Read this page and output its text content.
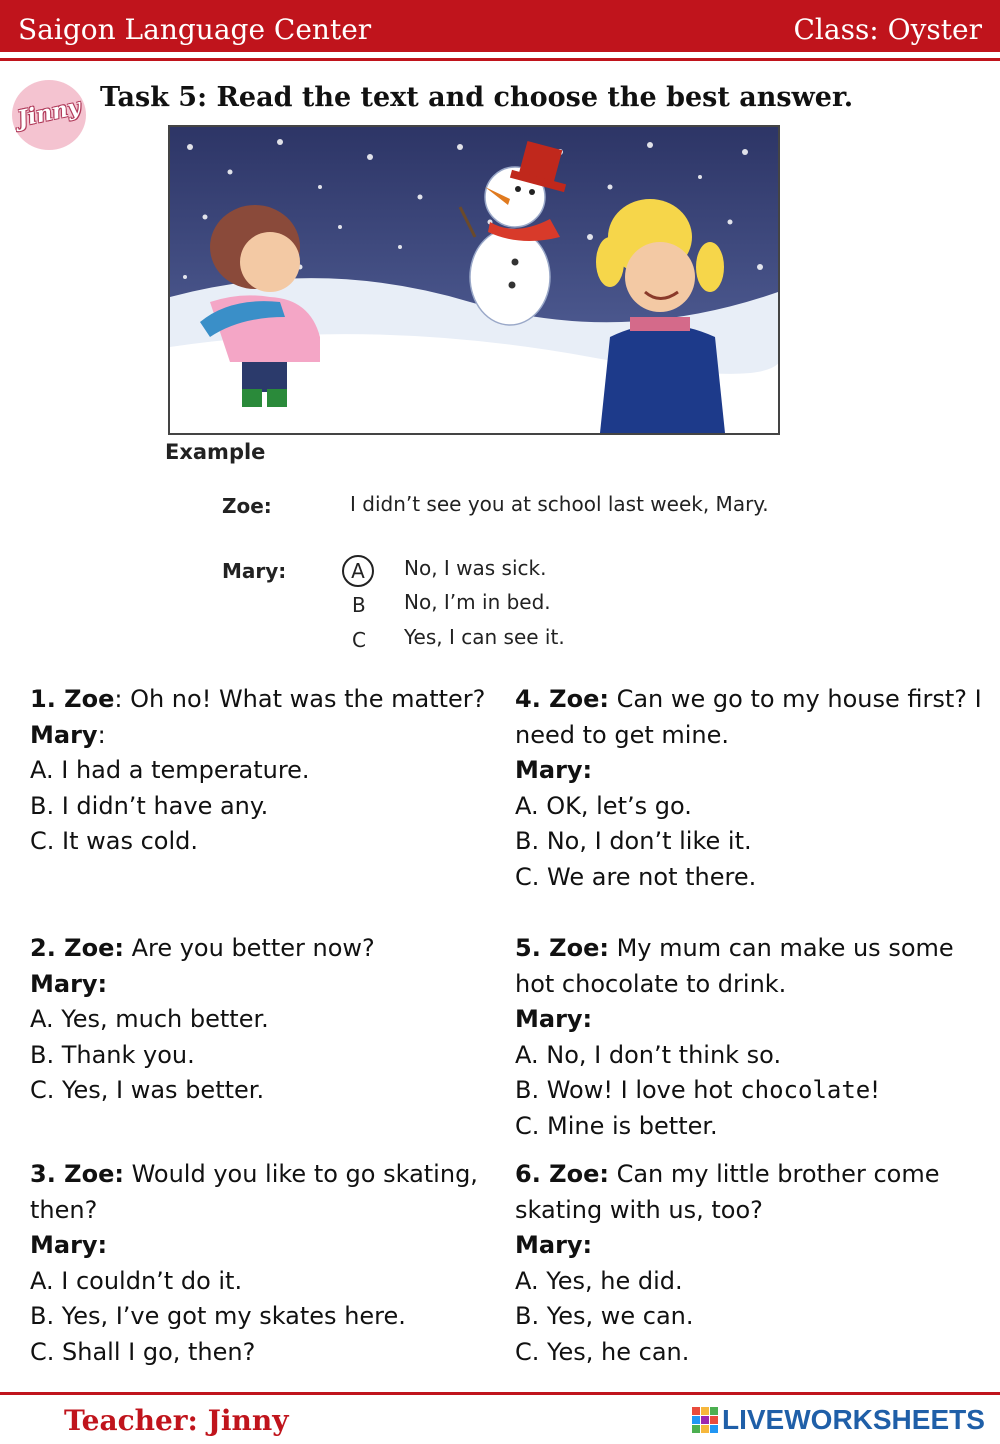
Saigon Language Center	Class: Oyster
Jinny Task 5: Read the text and choose the best answer.
Example
Zoe:	I didn’t see you at school last week, Mary.
Mary:	A	No, I was sick.
B No, I’m in bed.
C Yes, I can see it.
1. Zoe: Oh no! What was the matter?
Mary:
A. I had a temperature.
B. I didn’t have any.
C. It was cold.
2. Zoe: Are you better now?
Mary:
A. Yes, much better.
B. Thank you.
C. Yes, I was better.
3. Zoe: Would you like to go skating,
then?
Mary:
A. I couldn’t do it.
B. Yes, I’ve got my skates here.
C. Shall I go, then?
4. Zoe: Can we go to my house first? I
need to get mine.
Mary:
A. OK, let’s go.
B. No, I don’t like it.
C. We are not there.
5. Zoe: My mum can make us some
hot chocolate to drink.
Mary:
A. No, I don’t think so.
B. Wow! I love hot chocolate!
C. Mine is better.
6. Zoe: Can my little brother come
skating with us, too?
Mary:
A. Yes, he did.
B. Yes, we can.
C. Yes, he can.
Teacher: Jinny	LIVEWORKSHEETS
